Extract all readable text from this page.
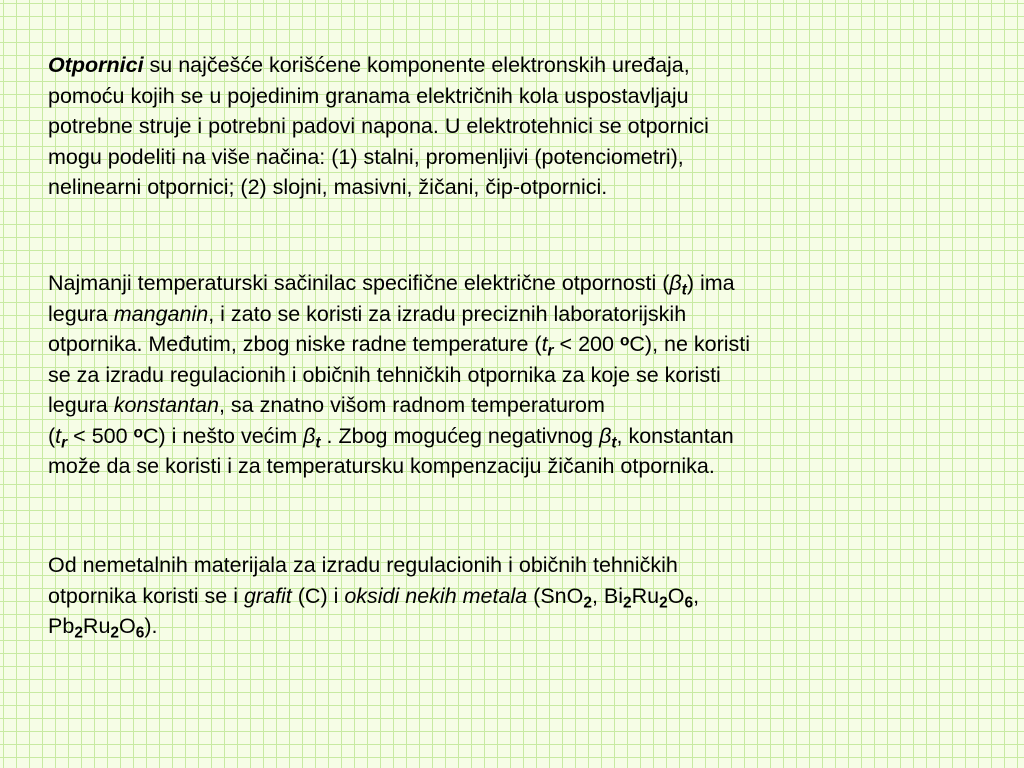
Otpornici su najčešće korišćene komponente elektronskih uređaja,
pomoću kojih se u pojedinim granama električnih kola uspostavljaju
potrebne struje i potrebni padovi napona. U elektrotehnici se otpornici
mogu podeliti na više načina: (1) stalni, promenljivi (potenciometri),
nelinearni otpornici; (2) slojni, masivni, žičani, čip-otpornici.

Najmanji temperaturski sačinilac specifične električne otpornosti $(\beta_t)$ ima
legura manganin, i zato se koristi za izradu preciznih laboratorijskih
otpornika. Međutim, zbog niske radne temperature ($t_r < 200$ $^o$C), ne koristi
se za izradu regulacionih i običnih tehničkih otpornika za koje se koristi
legura konstantan, sa znatno višom radnom temperaturom
($t_r < 500$ $^o$C) i nešto većim $\beta_t$ . Zbog mogućeg negativnog $\beta_t$, konstantan
može da se koristi i za temperatursku kompenzaciju žičanih otpornika.

Od nemetalnih materijala za izradu regulacionih i običnih tehničkih
otpornika koristi se i grafit (C) i oksidi nekih metala (SnO$_2$, $Bi_2Ru_2O_6$,
$Pb_2Ru_2O_6$).
